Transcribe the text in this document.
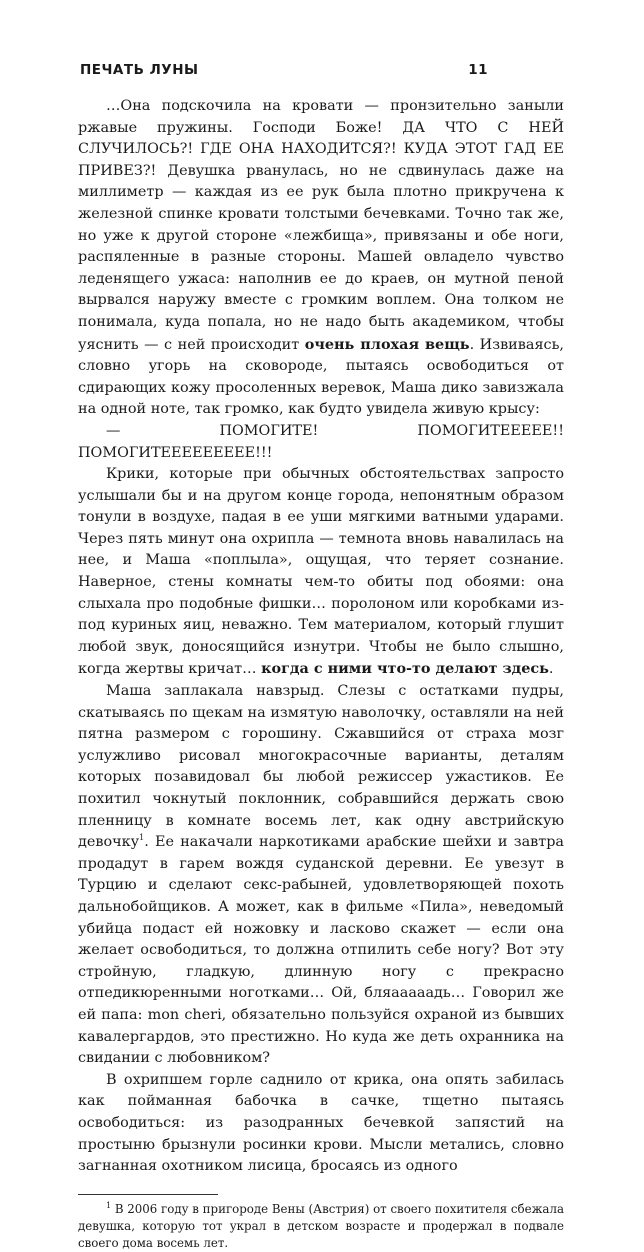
ПЕЧАТЬ ЛУНЫ	11

…Она подскочила на кровати — пронзительно заныли ржавые пружины. Господи Боже! ДА ЧТО С НЕЙ СЛУЧИЛОСЬ?! ГДЕ ОНА НАХОДИТСЯ?! КУДА ЭТОТ ГАД ЕЕ ПРИВЕЗ?! Девушка рванулась, но не сдвинулась даже на миллиметр — каждая из ее рук была плотно прикручена к железной спинке кровати толстыми бечевками. Точно так же, но уже к другой стороне «лежбища», привязаны и обе ноги, распяленные в разные стороны. Машей овладело чувство леденящего ужаса: наполнив ее до краев, он мутной пеной вырвался наружу вместе с громким воплем. Она толком не понимала, куда попала, но не надо быть академиком, чтобы уяснить — с ней происходит очень плохая вещь. Извиваясь, словно угорь на сковороде, пытаясь освободиться от сдирающих кожу просоленных веревок, Маша дико завизжала на одной ноте, так громко, как будто увидела живую крысу:

— ПОМОГИТЕ! ПОМОГИТЕЕЕЕЕ!! ПОМОГИТЕЕЕЕЕЕЕЕЕ!!!

Крики, которые при обычных обстоятельствах запросто услышали бы и на другом конце города, непонятным образом тонули в воздухе, падая в ее уши мягкими ватными ударами. Через пять минут она охрипла — темнота вновь навалилась на нее, и Маша «поплыла», ощущая, что теряет сознание. Наверное, стены комнаты чем-то обиты под обоями: она слыхала про подобные фишки… поролоном или коробками из-под куриных яиц, неважно. Тем материалом, который глушит любой звук, доносящийся изнутри. Чтобы не было слышно, когда жертвы кричат… когда с ними что-то делают здесь.

Маша заплакала навзрыд. Слезы с остатками пудры, скатываясь по щекам на измятую наволочку, оставляли на ней пятна размером с горошину. Сжавшийся от страха мозг услужливо рисовал многокрасочные варианты, деталям которых позавидовал бы любой режиссер ужастиков. Ее похитил чокнутый поклонник, собравшийся держать свою пленницу в комнате восемь лет, как одну австрийскую девочку$^1$. Ее накачали наркотиками арабские шейхи и завтра продадут в гарем вождя суданской деревни. Ее увезут в Турцию и сделают секс-рабыней, удовлетворяющей похоть дальнобойщиков. А может, как в фильме «Пила», неведомый убийца подаст ей ножовку и ласково скажет — если она желает освободиться, то должна отпилить себе ногу? Вот эту стройную, гладкую, длинную ногу с прекрасно отпедикюренными ноготками… Ой, бляааааадь… Говорил же ей папа: mon cheri, обязательно пользуйся охраной из бывших кавалергардов, это престижно. Но куда же деть охранника на свидании с любовником?

В охрипшем горле саднило от крика, она опять забилась как пойманная бабочка в сачке, тщетно пытаясь освободиться: из разодранных бечевкой запястий на простыню брызнули росинки крови. Мысли метались, словно загнанная охотником лисица, бросаясь из одного

$^1$ В 2006 году в пригороде Вены (Австрия) от своего похитителя сбежала девушка, которую тот украл в детском возрасте и продержал в подвале своего дома восемь лет.
